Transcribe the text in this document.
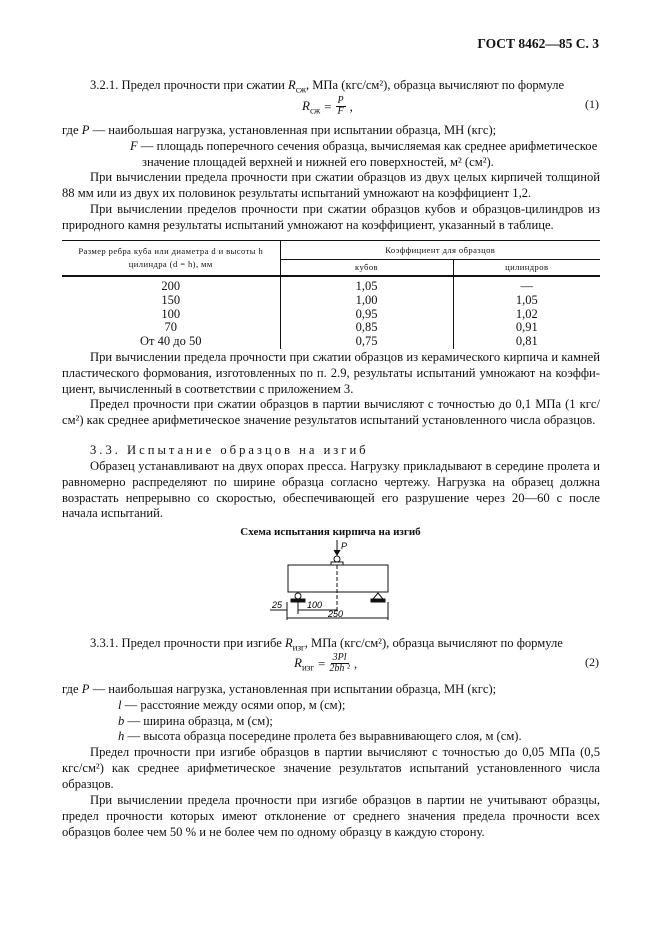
ГОСТ 8462—85 С. 3
3.2.1. Предел прочности при сжатии $R_{сж}$, МПа (кгс/см²), образца вычисляют по формуле
$R_{сж} = \frac{P}{F}$ ,	(1)
где P — наибольшая нагрузка, установленная при испытании образца, МН (кгс);
F — площадь поперечного сечения образца, вычисляемая как среднее арифметическое значение площадей верхней и нижней его поверхностей, м² (см²).
При вычислении предела прочности при сжатии образцов из двух целых кирпичей толщиной 88 мм или из двух их половинок результаты испытаний умножают на коэффициент 1,2.
При вычислении пределов прочности при сжатии образцов кубов и образцов-цилиндров из природного камня результаты испытаний умножают на коэффициент, указанный в таблице.
Размер ребра куба или диаметра d и высоты h цилиндра (d = h), мм	Коэффициент для образцов	
	кубов	цилиндров
200	1,05	—
150	1,00	1,05
100	0,95	1,02
70	0,85	0,91
От 40 до 50	0,75	0,81
При вычислении предела прочности при сжатии образцов из керамического кирпича и камней пластического формования, изготовленных по п. 2.9, результаты испытаний умножают на коэффи-циент, вычисленный в соответствии с приложением 3.
Предел прочности при сжатии образцов в партии вычисляют с точностью до 0,1 МПа (1 кгс/см²) как среднее арифметическое значение результатов испытаний установленного числа образцов.
3.3. Испытание образцов на изгиб
Образец устанавливают на двух опорах пресса. Нагрузку прикладывают в середине пролета и равномерно распределяют по ширине образца согласно чертежу. Нагрузка на образец должна возрастать непрерывно со скоростью, обеспечивающей его разрушение через 20—60 с после начала испытаний.
Схема испытания кирпича на изгиб
P
25	100
250
3.3.1. Предел прочности при изгибе $R_{изг}$, МПа (кгс/см²), образца вычисляют по формуле
$R_{изг} = \frac{3Pl}{\text{2bh ²}}$ ,	(2)
где P — наибольшая нагрузка, установленная при испытании образца, МН (кгс);
l — расстояние между осями опор, м (см);
b — ширина образца, м (см);
h — высота образца посередине пролета без выравнивающего слоя, м (см).
Предел прочности при изгибе образцов в партии вычисляют с точностью до 0,05 МПа (0,5 кгс/см²) как среднее арифметическое значение результатов испытаний установленного числа образцов.
При вычислении предела прочности при изгибе образцов в партии не учитывают образцы, предел прочности которых имеют отклонение от среднего значения предела прочности всех образцов более чем 50 % и не более чем по одному образцу в каждую сторону.
